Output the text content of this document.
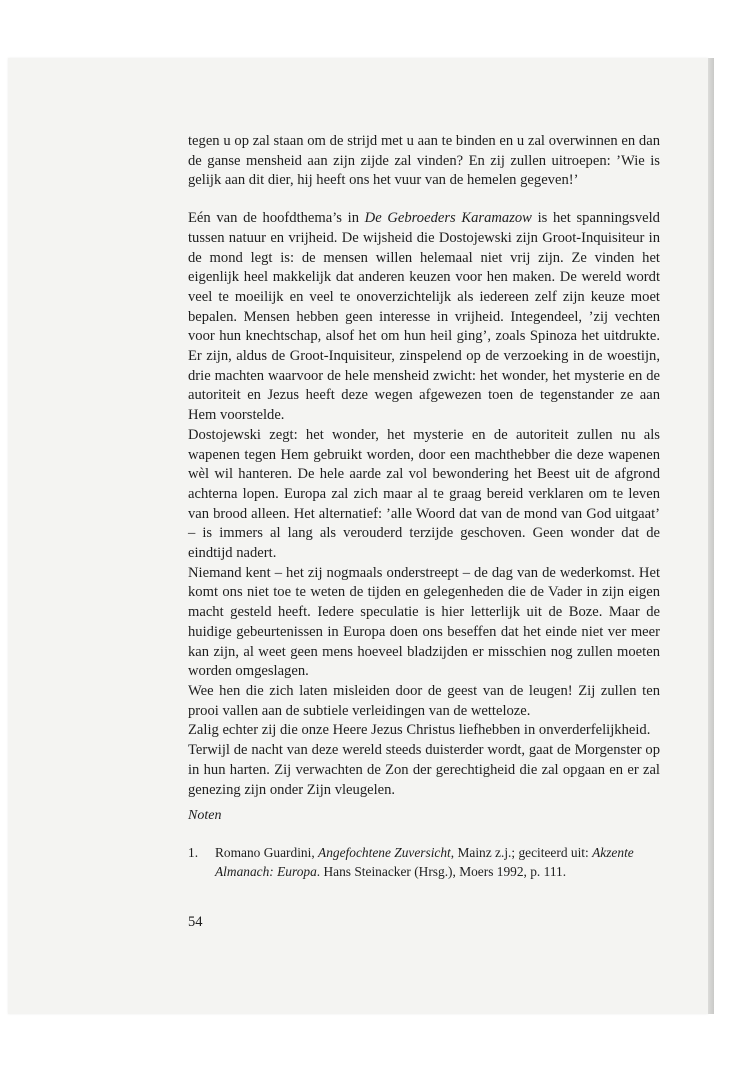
tegen u op zal staan om de strijd met u aan te binden en u zal overwinnen en dan de ganse mensheid aan zijn zijde zal vinden? En zij zullen uitroepen: ’Wie is gelijk aan dit dier, hij heeft ons het vuur van de hemelen gegeven!’

Eén van de hoofdthema’s in De Gebroeders Karamazow is het spanningsveld tussen natuur en vrijheid. De wijsheid die Dostojewski zijn Groot-Inquisiteur in de mond legt is: de mensen willen helemaal niet vrij zijn. Ze vinden het eigenlijk heel makkelijk dat anderen keuzen voor hen maken. De wereld wordt veel te moeilijk en veel te onoverzichtelijk als iedereen zelf zijn keuze moet bepalen. Mensen hebben geen interesse in vrijheid. Integendeel, ’zij vechten voor hun knechtschap, alsof het om hun heil ging’, zoals Spinoza het uitdrukte. Er zijn, aldus de Groot-Inquisiteur, zinspelend op de verzoeking in de woestijn, drie machten waarvoor de hele mensheid zwicht: het wonder, het mysterie en de autoriteit en Jezus heeft deze wegen afgewezen toen de tegenstander ze aan Hem voorstelde.

Dostojewski zegt: het wonder, het mysterie en de autoriteit zullen nu als wapenen tegen Hem gebruikt worden, door een machthebber die deze wapenen wèl wil hanteren. De hele aarde zal vol bewondering het Beest uit de afgrond achterna lopen. Europa zal zich maar al te graag bereid verklaren om te leven van brood alleen. Het alternatief: ’alle Woord dat van de mond van God uitgaat’ – is immers al lang als verouderd terzijde geschoven. Geen wonder dat de eindtijd nadert.

Niemand kent – het zij nogmaals onderstreept – de dag van de wederkomst. Het komt ons niet toe te weten de tijden en gelegenheden die de Vader in zijn eigen macht gesteld heeft. Iedere speculatie is hier letterlijk uit de Boze. Maar de huidige gebeurtenissen in Europa doen ons beseffen dat het einde niet ver meer kan zijn, al weet geen mens hoeveel bladzijden er misschien nog zullen moeten worden omgeslagen.

Wee hen die zich laten misleiden door de geest van de leugen! Zij zullen ten prooi vallen aan de subtiele verleidingen van de wetteloze.

Zalig echter zij die onze Heere Jezus Christus liefhebben in onverderfelijkheid.

Terwijl de nacht van deze wereld steeds duisterder wordt, gaat de Morgenster op in hun harten. Zij verwachten de Zon der gerechtigheid die zal opgaan en er zal genezing zijn onder Zijn vleugelen.

Noten

1. Romano Guardini, Angefochtene Zuversicht, Mainz z.j.; geciteerd uit: Akzente Almanach: Europa. Hans Steinacker (Hrsg.), Moers 1992, p. 111.

54
